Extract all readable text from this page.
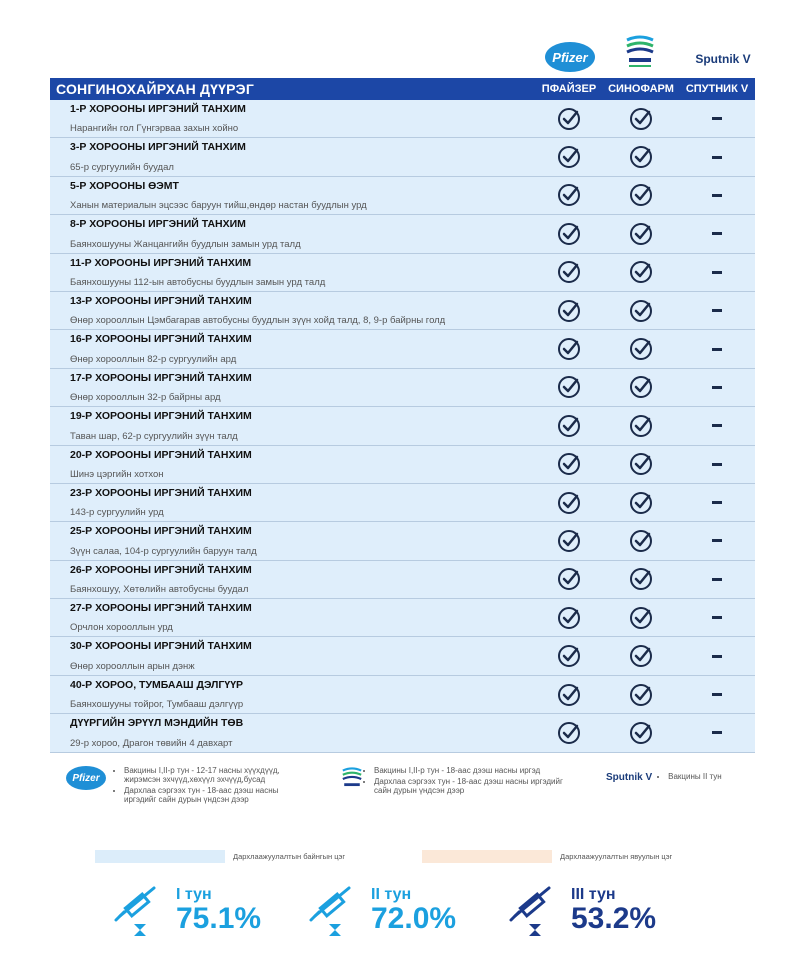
Pfizer	Sputnik V
СОНГИНОХАЙРХАН ДҮҮРЭГ	ПФАЙЗЕР	СИНОФАРМ	СПУТНИК V
1-Р ХОРООНЫ ИРГЭНИЙ ТАНХИМ
Нарангийн гол Гүнгэрваа захын хойно
3-Р ХОРООНЫ ИРГЭНИЙ ТАНХИМ
65-р сургуулийн буудал
5-Р ХОРООНЫ ӨЭМТ
Ханын материалын эцсээс баруун тийш,өндөр настан буудлын урд
8-Р ХОРООНЫ ИРГЭНИЙ ТАНХИМ
Баянхошууны Жанцангийн буудлын замын урд талд
11-Р ХОРООНЫ ИРГЭНИЙ ТАНХИМ
Баянхошууны 112-ын автобусны буудлын замын урд талд
13-Р ХОРООНЫ ИРГЭНИЙ ТАНХИМ
Өнөр хорооллын Цэмбагарав автобусны буудлын зүүн хойд талд, 8, 9-р байрны голд
16-Р ХОРООНЫ ИРГЭНИЙ ТАНХИМ
Өнөр хорооллын 82-р сургуулийн ард
17-Р ХОРООНЫ ИРГЭНИЙ ТАНХИМ
Өнөр хорооллын 32-р байрны ард
19-Р ХОРООНЫ ИРГЭНИЙ ТАНХИМ
Таван шар, 62-р сургуулийн зүүн талд
20-Р ХОРООНЫ ИРГЭНИЙ ТАНХИМ
Шинэ цэргийн хотхон
23-Р ХОРООНЫ ИРГЭНИЙ ТАНХИМ
143-р сургуулийн урд
25-Р ХОРООНЫ ИРГЭНИЙ ТАНХИМ
Зүүн салаа, 104-р сургуулийн баруун талд
26-Р ХОРООНЫ ИРГЭНИЙ ТАНХИМ
Баянхошуу, Хөтөлийн автобусны буудал
27-Р ХОРООНЫ ИРГЭНИЙ ТАНХИМ
Орчлон хорооллын урд
30-Р ХОРООНЫ ИРГЭНИЙ ТАНХИМ
Өнөр хорооллын арын дэнж
40-Р ХОРОО, ТУМБААШ ДЭЛГҮҮР
Баянхошууны тойрог, Тумбааш дэлгүүр
ДҮҮРГИЙН ЭРҮҮЛ МЭНДИЙН ТӨВ
29-р хороо, Драгон төвийн 4 давхарт
Pfizer
• Вакцины I,II-р тун - 12-17 насны хүүхдүүд, жирэмсэн эхчүүд,хөхүүл эхчүүд,бусад
• Дархлаа сэргээх тун - 18-аас дээш насны иргэдийг сайн дурын үндсэн дээр
• Вакцины I,II-р тун - 18-аас дээш насны иргэд
• Дархлаа сэргээх тун - 18-аас дээш насны иргэдийг сайн дурын үндсэн дээр
Sputnik V
• Вакцины II тун
Дархлаажуулалтын байнгын цэг	Дархлаажуулалтын явуулын цэг
I тун
75.1%
II тун
72.0%
III тун
53.2%
